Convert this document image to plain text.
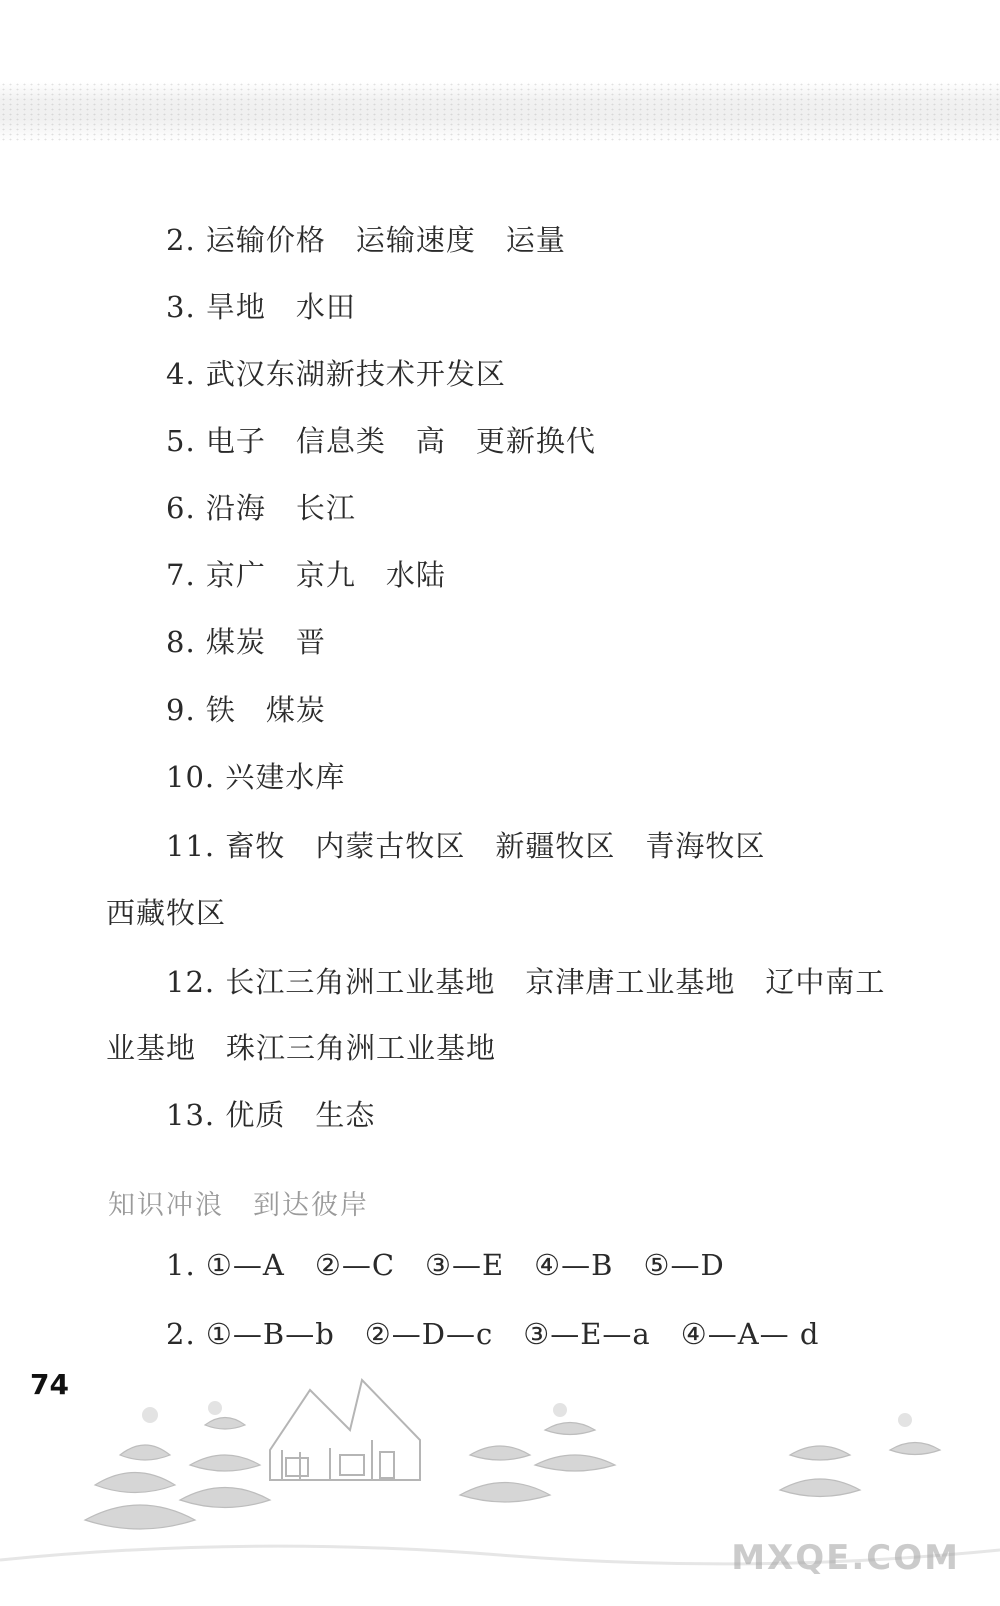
2. 运输价格　运输速度　运量
3. 旱地　水田
4. 武汉东湖新技术开发区
5. 电子　信息类　高　更新换代
6. 沿海　长江
7. 京广　京九　水陆
8. 煤炭　晋
9. 铁　煤炭
10. 兴建水库
11. 畜牧　内蒙古牧区　新疆牧区　青海牧区
西藏牧区
12. 长江三角洲工业基地　京津唐工业基地　辽中南工
业基地　珠江三角洲工业基地
13. 优质　生态
知识冲浪　到达彼岸
1. ①—A　②—C　③—E　④—B　⑤—D
2. ①—B—b　②—D—c　③—E—a　④—A— d
74
MXQE.COM
